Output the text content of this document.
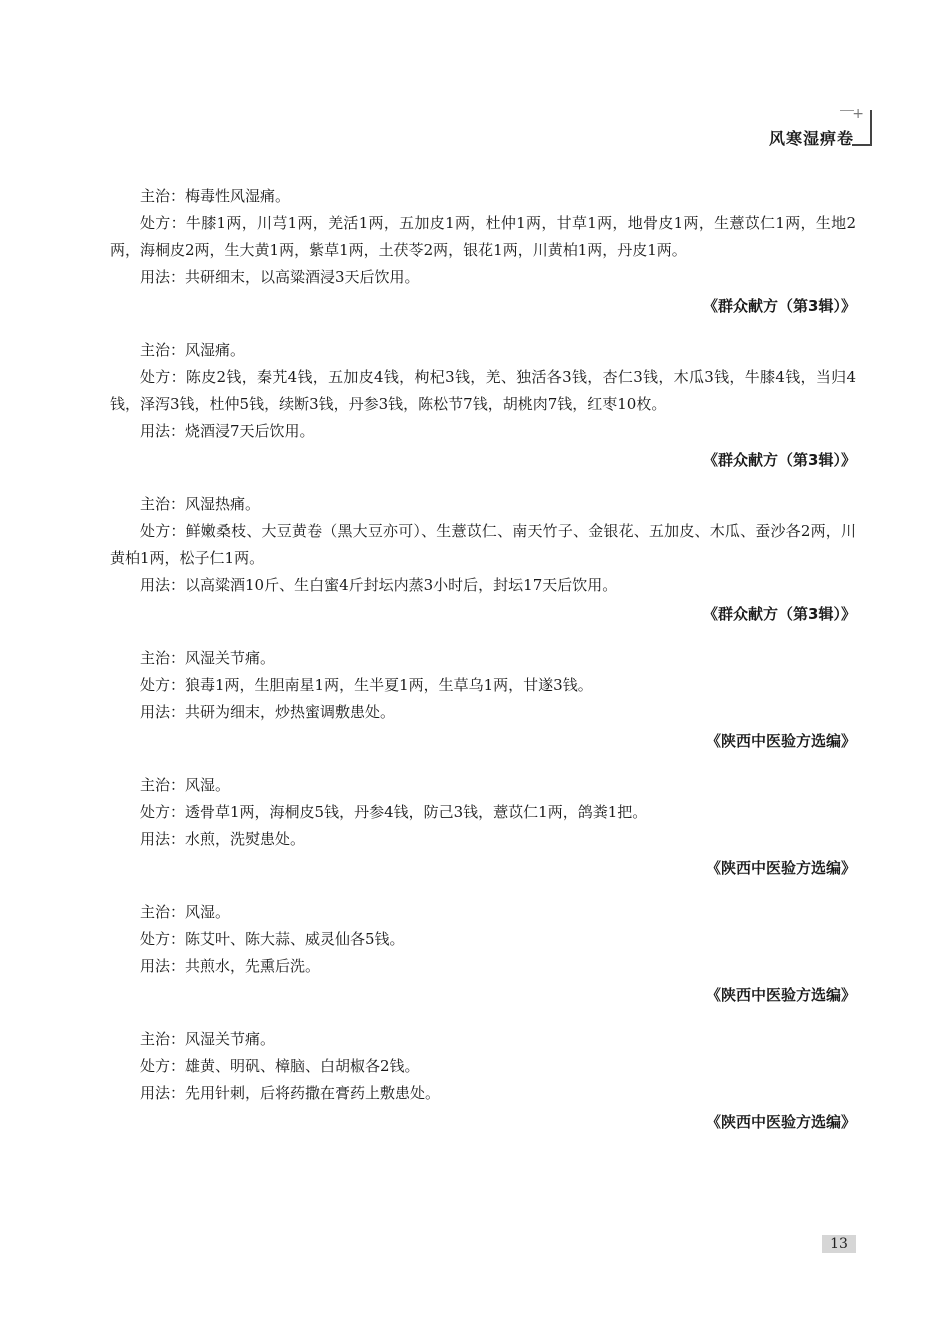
风寒湿痹卷
+

主治：梅毒性风湿痛。

处方：牛膝1两，川芎1两，羌活1两，五加皮1两，杜仲1两，甘草1两，地骨皮1两，生薏苡仁1两，生地2两，海桐皮2两，生大黄1两，紫草1两，土茯苓2两，银花1两，川黄柏1两，丹皮1两。

用法：共研细末，以高粱酒浸3天后饮用。

《群众献方（第3辑）》

主治：风湿痛。

处方：陈皮2钱，秦艽4钱，五加皮4钱，枸杞3钱，羌、独活各3钱，杏仁3钱，木瓜3钱，牛膝4钱，当归4钱，泽泻3钱，杜仲5钱，续断3钱，丹参3钱，陈松节7钱，胡桃肉7钱，红枣10枚。

用法：烧酒浸7天后饮用。

《群众献方（第3辑）》

主治：风湿热痛。

处方：鲜嫩桑枝、大豆黄卷（黑大豆亦可）、生薏苡仁、南天竹子、金银花、五加皮、木瓜、蚕沙各2两，川黄柏1两，松子仁1两。

用法：以高粱酒10斤、生白蜜4斤封坛内蒸3小时后，封坛17天后饮用。

《群众献方（第3辑）》

主治：风湿关节痛。

处方：狼毒1两，生胆南星1两，生半夏1两，生草乌1两，甘遂3钱。

用法：共研为细末，炒热蜜调敷患处。

《陕西中医验方选编》

主治：风湿。

处方：透骨草1两，海桐皮5钱，丹参4钱，防己3钱，薏苡仁1两，鸽粪1把。

用法：水煎，洗熨患处。

《陕西中医验方选编》

主治：风湿。

处方：陈艾叶、陈大蒜、威灵仙各5钱。

用法：共煎水，先熏后洗。

《陕西中医验方选编》

主治：风湿关节痛。

处方：雄黄、明矾、樟脑、白胡椒各2钱。

用法：先用针刺，后将药撒在膏药上敷患处。

《陕西中医验方选编》
13
